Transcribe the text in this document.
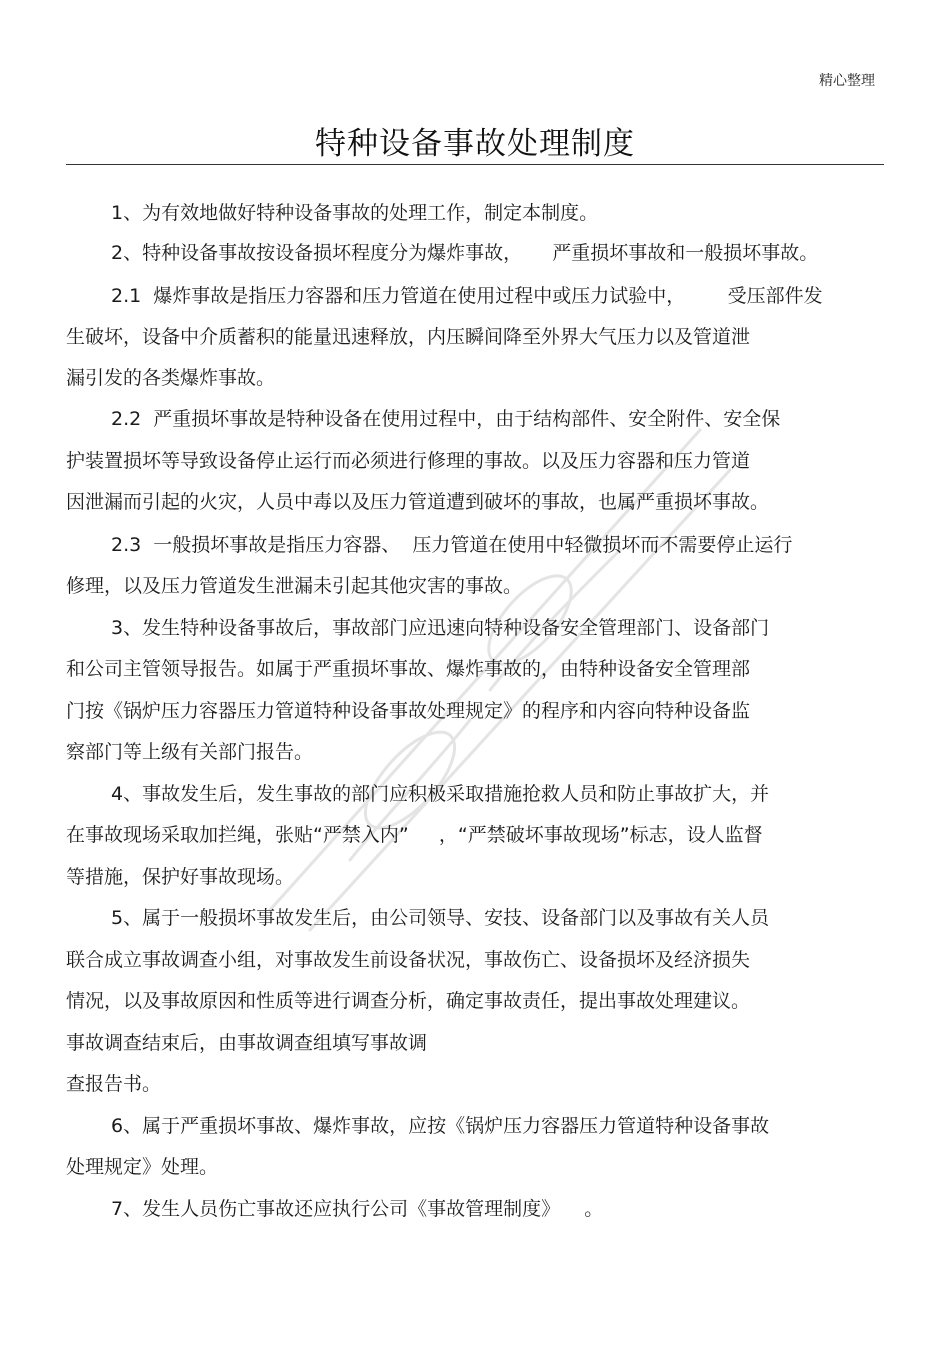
精心整理
特种设备事故处理制度
1、为有效地做好特种设备事故的处理工作，制定本制度。
2、特种设备事故按设备损坏程度分为爆炸事故，     严重损坏事故和一般损坏事故。
2.1  爆炸事故是指压力容器和压力管道在使用过程中或压力试验中，       受压部件发
生破坏，设备中介质蓄积的能量迅速释放，内压瞬间降至外界大气压力以及管道泄
漏引发的各类爆炸事故。
2.2  严重损坏事故是特种设备在使用过程中，由于结构部件、安全附件、安全保
护装置损坏等导致设备停止运行而必须进行修理的事故。以及压力容器和压力管道
因泄漏而引起的火灾，人员中毒以及压力管道遭到破坏的事故，也属严重损坏事故。
2.3  一般损坏事故是指压力容器、  压力管道在使用中轻微损坏而不需要停止运行
修理，以及压力管道发生泄漏未引起其他灾害的事故。
3、发生特种设备事故后，事故部门应迅速向特种设备安全管理部门、设备部门
和公司主管领导报告。如属于严重损坏事故、爆炸事故的，由特种设备安全管理部
门按《锅炉压力容器压力管道特种设备事故处理规定》的程序和内容向特种设备监
察部门等上级有关部门报告。
4、事故发生后，发生事故的部门应积极采取措施抢救人员和防止事故扩大，并
在事故现场采取加拦绳，张贴“严禁入内”     ，“严禁破坏事故现场”标志，设人监督
等措施，保护好事故现场。
5、属于一般损坏事故发生后，由公司领导、安技、设备部门以及事故有关人员
联合成立事故调查小组，对事故发生前设备状况，事故伤亡、设备损坏及经济损失
情况，以及事故原因和性质等进行调查分析，确定事故责任，提出事故处理建议。
事故调查结束后，由事故调查组填写事故调
查报告书。
6、属于严重损坏事故、爆炸事故，应按《锅炉压力容器压力管道特种设备事故
处理规定》处理。
7、发生人员伤亡事故还应执行公司《事故管理制度》    。
